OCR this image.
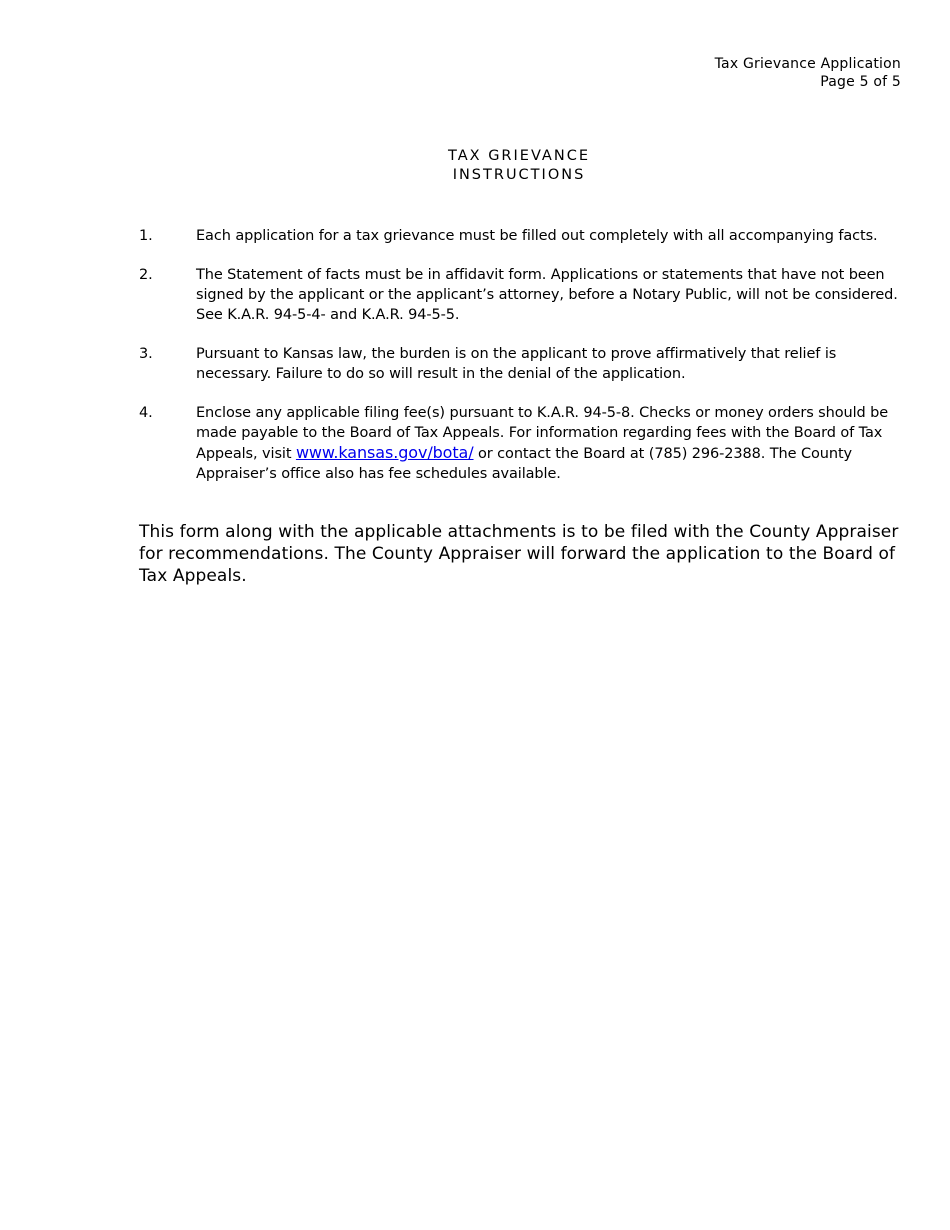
Tax Grievance Application
Page 5 of 5
TAX GRIEVANCE
INSTRUCTIONS
1.	Each application for a tax grievance must be filled out completely with all accompanying facts.
2.	The Statement of facts must be in affidavit form. Applications or statements that have not been signed by the applicant or the applicant’s attorney, before a Notary Public, will not be considered. See K.A.R. 94-5-4- and K.A.R. 94-5-5.
3.	Pursuant to Kansas law, the burden is on the applicant to prove affirmatively that relief is necessary. Failure to do so will result in the denial of the application.
4.	Enclose any applicable filing fee(s) pursuant to K.A.R. 94-5-8. Checks or money orders should be made payable to the Board of Tax Appeals. For information regarding fees with the Board of Tax Appeals, visit www.kansas.gov/bota/ or contact the Board at (785) 296-2388. The County Appraiser’s office also has fee schedules available.
This form along with the applicable attachments is to be filed with the County Appraiser for recommendations. The County Appraiser will forward the application to the Board of Tax Appeals.
